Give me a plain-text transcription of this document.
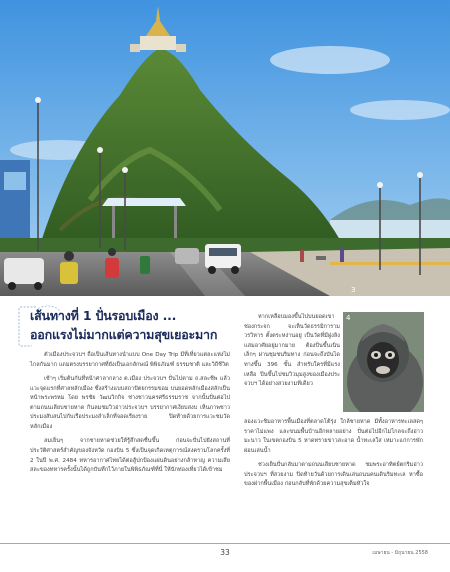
3
เส้นทางที่ 1 ปั่นรอบเมือง ...
ออกแรงไม่มากแต่ความสุขเยอะมาก

ตัวเมืองประจวบฯ ถือเป็นเส้นทางนำแบบ One Day Trip มีที่เที่ยวแต่ละแห่งไม่ไกลกันมาก แถมตรงบรรยากาศที่ยังเป็นเอกลักษณ์ พิพิธภัณฑ์ ธรรมชาติ และวิถีชีวิต

เช้าๆ เริ่มต้นกันที่หน้าศาลากลาง ต.เมือง ประจวบฯ ปั่นไปตาม ถ.สละชีพ แล้วแวะจุดแรกที่ศาลหลักเมือง ซึ่งสร้างแบบสถาปัตยกรรมขอม บนยอดหลักเมืองสลักเป็นหน้าพระพรหม โดย พรชัย วัฒนวิกกิจ ช่างชาวนครศรีธรรมราช จากนั้นปั่นต่อไปตามถนนเลียบชายหาด กินลมชมวิวอ่าวประจวบฯ บรรยากาศเงียบสงบ เห็นภาพชาวประมงสับสนไปกับเรือประมงลำเล็กที่จอดเรียงราย ปิดท้ายด้วยการแวะชมวัดหลักเมือง

ลมเย็นๆ จากชายหาดช่วยให้รู้สึกสดชื่นขึ้น ก่อนจะปั่นไปยังสถานที่ประวัติศาสตร์สำคัญของจังหวัด กองบิน 5 ซึ่งเป็นจุดเกิดเหตุการณ์สงครามโลกครั้งที่ 2 ในปี พ.ศ. 2484 ทหารอากาศไทยได้ต่อสู้ปกป้องแผ่นดินอย่างกล้าหาญ ความเสียสละของทหารครั้งนั้นได้ถูกบันทึกไว้ภายในพิพิธภัณฑ์ที่นี่ ให้นักท่องเที่ยวได้เข้าชม

หากเหลือบมองขึ้นไปบนยอดเขาช่องกระจก จะเห็นวัดธรรมิการามวรวิหาร ตั้งตระหง่านอยู่ เป็นวัดที่มีฝูงลิงแสมอาศัยอยู่มากมาย ต้องปั่นขึ้นเนินเล็กๆ ผ่านชุมชนริมทาง ก่อนจะถึงบันไดทางขึ้น 396 ขั้น สำหรับใครที่มีแรงเหลือ ปีนขึ้นไปชมวิวมุมสูงของเมืองประจวบฯ ได้อย่างสวยงามทีเดียว

4

ลองแวะชิมอาหารพื้นเมืองที่ตลาดโต้รุ่ง ใกล้ชายหาด มีทั้งอาหารทะเลสดๆ ราคาไม่แพง และขนมพื้นบ้านอีกหลายอย่าง ปั่นต่อไปอีกไม่ไกลจะถึงอ่าวมะนาว ในเขตกองบิน 5 หาดทรายขาวสะอาด น้ำทะเลใส เหมาะแก่การพักผ่อนเล่นน้ำ

ช่วงเย็นปั่นกลับมาตามถนนเลียบชายหาด ชมพระอาทิตย์ตกริมอ่าวประจวบฯ ที่สวยงาม ปิดท้ายวันด้วยการเดินเล่นถนนคนเดินริมทะเล หาซื้อของฝากพื้นเมือง ก่อนกลับที่พักด้วยความสุขเต็มหัวใจ

33	เมษายน - มิถุนายน 2558
